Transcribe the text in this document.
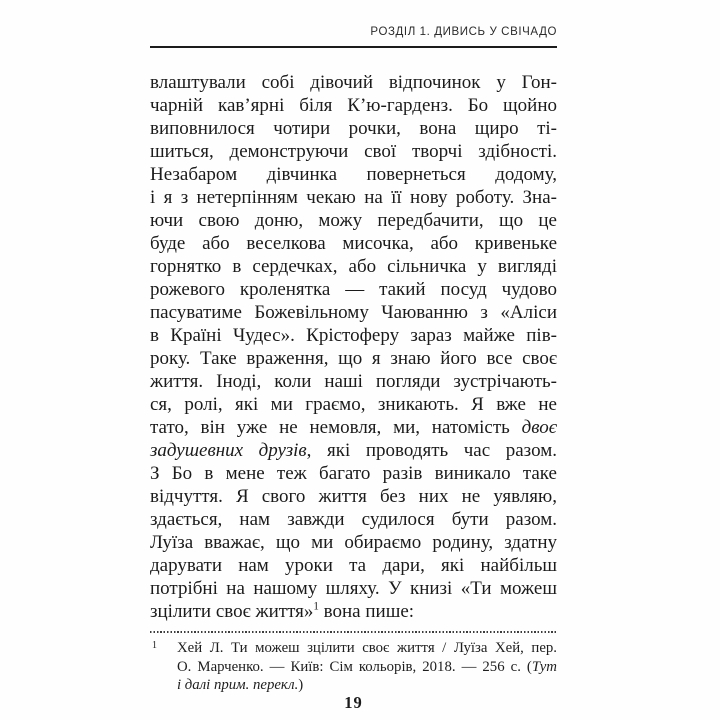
РОЗДІЛ 1. ДИВИСЬ У СВІЧАДО
влаштували собі дівочий відпочинок у Гон-
чарній кав’ярні біля К’ю-гарденз. Бо щойно
виповнилося чотири рочки, вона щиро ті-
шиться, демонструючи свої творчі здібності.
Незабаром дівчинка повернеться додому,
і я з нетерпінням чекаю на її нову роботу. Зна-
ючи свою доню, можу передбачити, що це
буде або веселкова мисочка, або кривеньке
горнятко в сердечках, або сільничка у вигляді
рожевого кроленятка — такий посуд чудово
пасуватиме Божевільному Чаюванню з «Аліси
в Країні Чудес». Крістоферу зараз майже пів-
року. Таке враження, що я знаю його все своє
життя. Іноді, коли наші погляди зустрічають-
ся, ролі, які ми граємо, зникають. Я вже не
тато, він уже не немовля, ми, натомість двоє
задушевних друзів, які проводять час разом.
З Бо в мене теж багато разів виникало таке
відчуття. Я свого життя без них не уявляю,
здається, нам завжди судилося бути разом.
Луїза вважає, що ми обираємо родину, здатну
дарувати нам уроки та дари, які найбільш
потрібні на нашому шляху. У книзі «Ти можеш
зцілити своє життя»$^1$ вона пише:
1 Хей Л. Ти можеш зцілити своє життя / Луїза Хей, пер.
О. Марченко. — Київ: Сім кольорів, 2018. — 256 с. (Тут
і далі прим. перекл.)
19
